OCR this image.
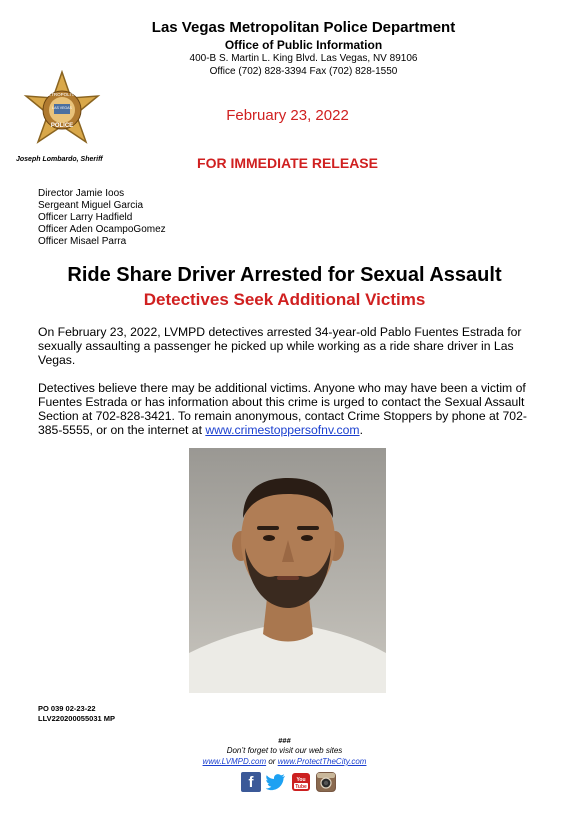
Las Vegas Metropolitan Police Department
Office of Public Information
400-B S. Martin L. King Blvd. Las Vegas, NV 89106
Office (702) 828-3394 Fax (702) 828-1550
METROPOLITAN
LAS VEGAS
POLICE
Joseph Lombardo, Sheriff
February 23, 2022
FOR IMMEDIATE RELEASE
Director Jamie Ioos
Sergeant Miguel Garcia
Officer Larry Hadfield
Officer Aden OcampoGomez
Officer Misael Parra
Ride Share Driver Arrested for Sexual Assault
Detectives Seek Additional Victims

On February 23, 2022, LVMPD detectives arrested 34-year-old Pablo Fuentes Estrada for sexually assaulting a passenger he picked up while working as a ride share driver in Las Vegas.

Detectives believe there may be additional victims. Anyone who may have been a victim of Fuentes Estrada or has information about this crime is urged to contact the Sexual Assault Section at 702-828-3421. To remain anonymous, contact Crime Stoppers by phone at 702-385-5555, or on the internet at www.crimestoppersofnv.com.

PO 039 02-23-22
LLV220200055031 MP
###
Don’t forget to visit our web sites
www.LVMPD.com or www.ProtectTheCity.com
f	You
Tube
